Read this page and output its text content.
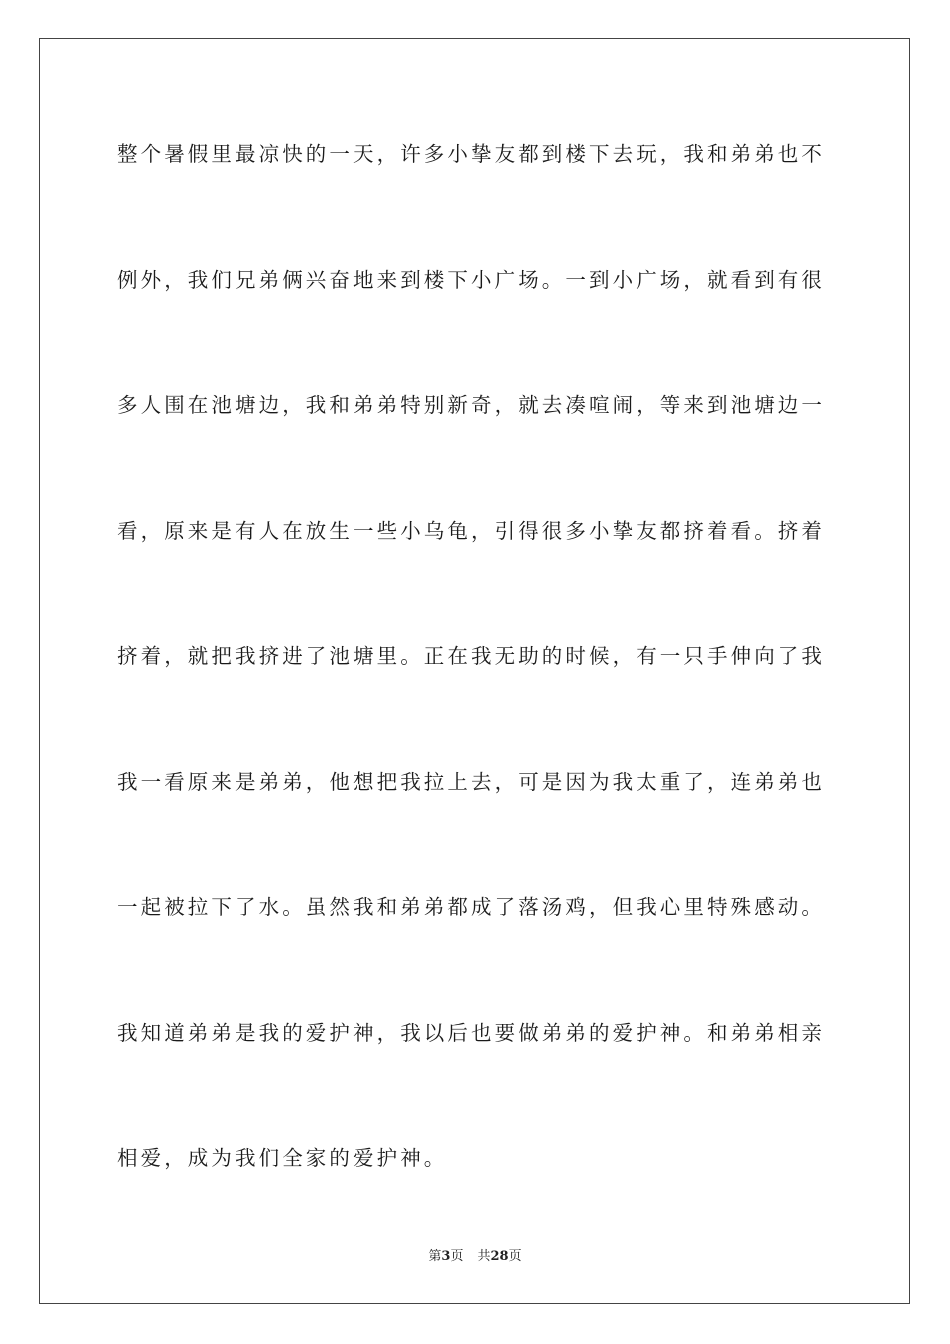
整个暑假里最凉快的一天，许多小挚友都到楼下去玩，我和弟弟也不
例外，我们兄弟俩兴奋地来到楼下小广场。一到小广场，就看到有很
多人围在池塘边，我和弟弟特别新奇，就去凑喧闹，等来到池塘边一
看，原来是有人在放生一些小乌龟，引得很多小挚友都挤着看。挤着
挤着，就把我挤进了池塘里。正在我无助的时候，有一只手伸向了我
我一看原来是弟弟，他想把我拉上去，可是因为我太重了，连弟弟也
一起被拉下了水。虽然我和弟弟都成了落汤鸡，但我心里特殊感动。
我知道弟弟是我的爱护神，我以后也要做弟弟的爱护神。和弟弟相亲
相爱，成为我们全家的爱护神。
第3页 共28页
